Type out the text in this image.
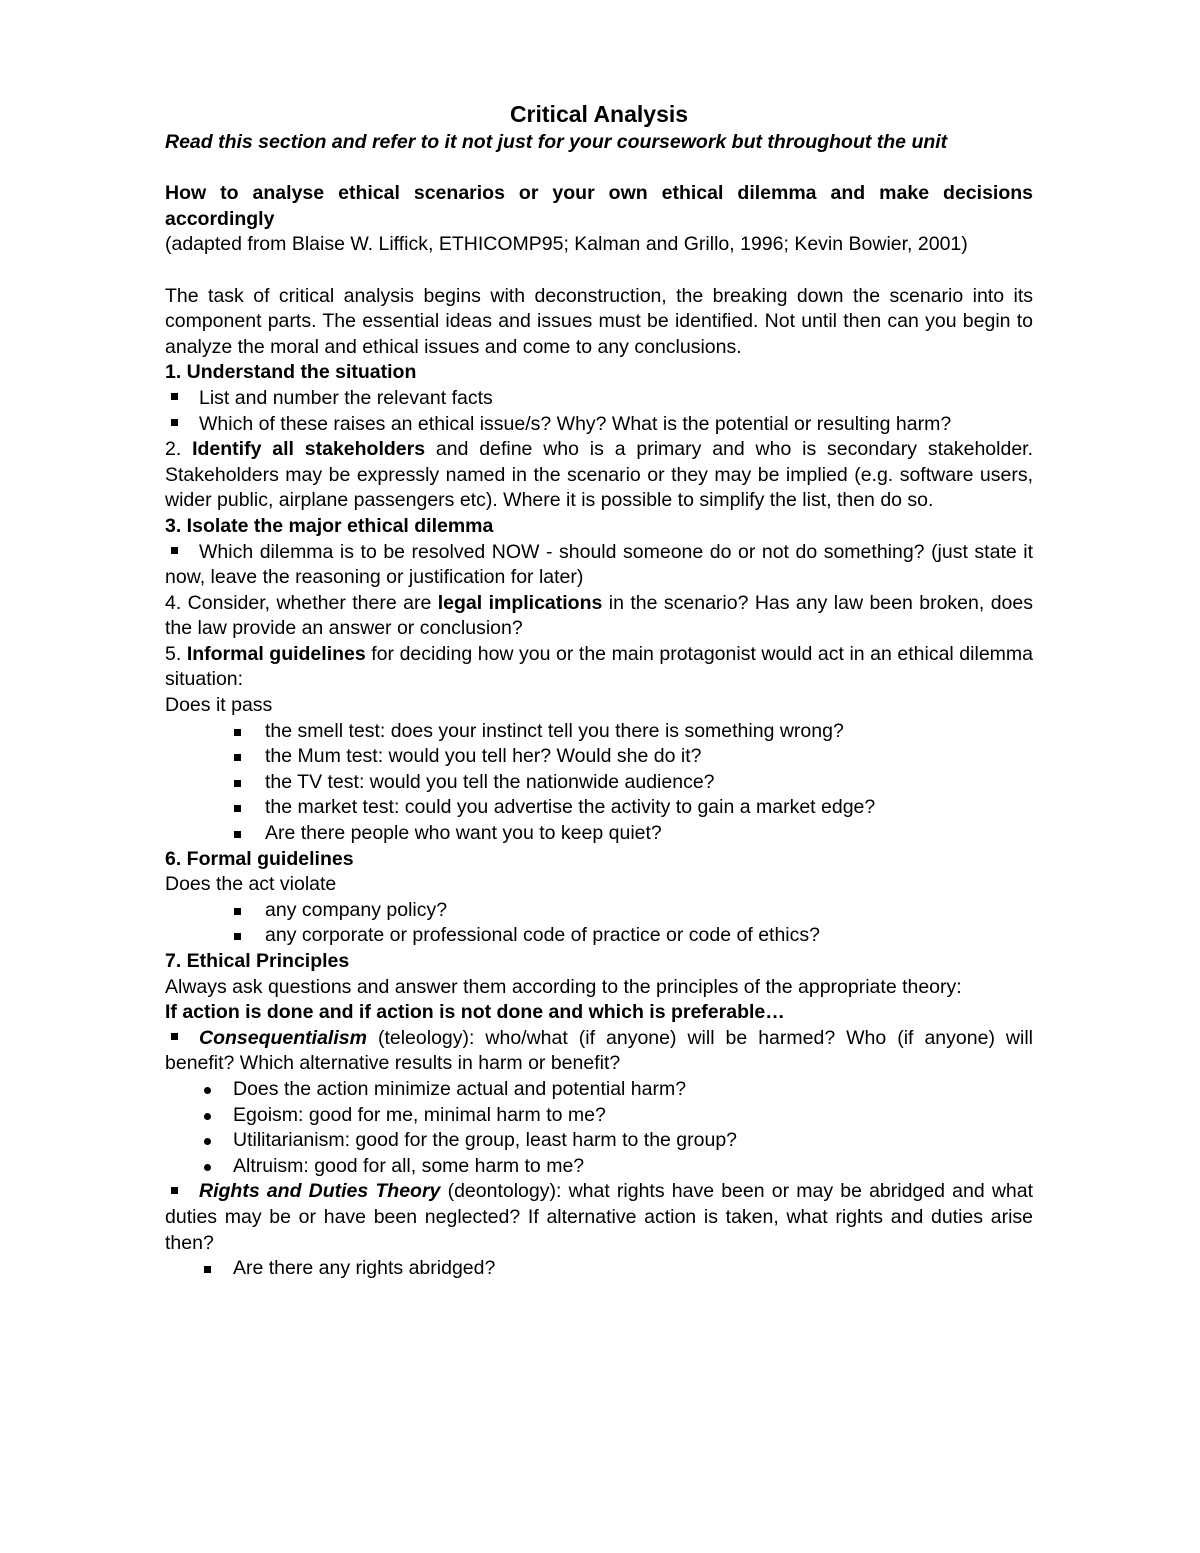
Critical Analysis

Read this section and refer to it not just for your coursework but throughout the unit

How to analyse ethical scenarios or your own ethical dilemma and make decisions accordingly

(adapted from Blaise W. Liffick, ETHICOMP95; Kalman and Grillo, 1996; Kevin Bowier, 2001)

The task of critical analysis begins with deconstruction, the breaking down the scenario into its component parts. The essential ideas and issues must be identified. Not until then can you begin to analyze the moral and ethical issues and come to any conclusions.

1. Understand the situation

List and number the relevant facts

Which of these raises an ethical issue/s? Why? What is the potential or resulting harm?

2. Identify all stakeholders and define who is a primary and who is secondary stakeholder. Stakeholders may be expressly named in the scenario or they may be implied (e.g. software users, wider public, airplane passengers etc). Where it is possible to simplify the list, then do so.

3. Isolate the major ethical dilemma

Which dilemma is to be resolved NOW - should someone do or not do something? (just state it now, leave the reasoning or justification for later)

4. Consider, whether there are legal implications in the scenario? Has any law been broken, does the law provide an answer or conclusion?

5. Informal guidelines for deciding how you or the main protagonist would act in an ethical dilemma situation:

Does it pass

the smell test: does your instinct tell you there is something wrong?

the Mum test: would you tell her? Would she do it?

the TV test: would you tell the nationwide audience?

the market test: could you advertise the activity to gain a market edge?

Are there people who want you to keep quiet?

6. Formal guidelines

Does the act violate

any company policy?

any corporate or professional code of practice or code of ethics?

7. Ethical Principles

Always ask questions and answer them according to the principles of the appropriate theory:

If action is done and if action is not done and which is preferable…

Consequentialism (teleology): who/what (if anyone) will be harmed? Who (if anyone) will benefit? Which alternative results in harm or benefit?

Does the action minimize actual and potential harm?

Egoism: good for me, minimal harm to me?

Utilitarianism: good for the group, least harm to the group?

Altruism: good for all, some harm to me?

Rights and Duties Theory (deontology): what rights have been or may be abridged and what duties may be or have been neglected? If alternative action is taken, what rights and duties arise then?

Are there any rights abridged?
